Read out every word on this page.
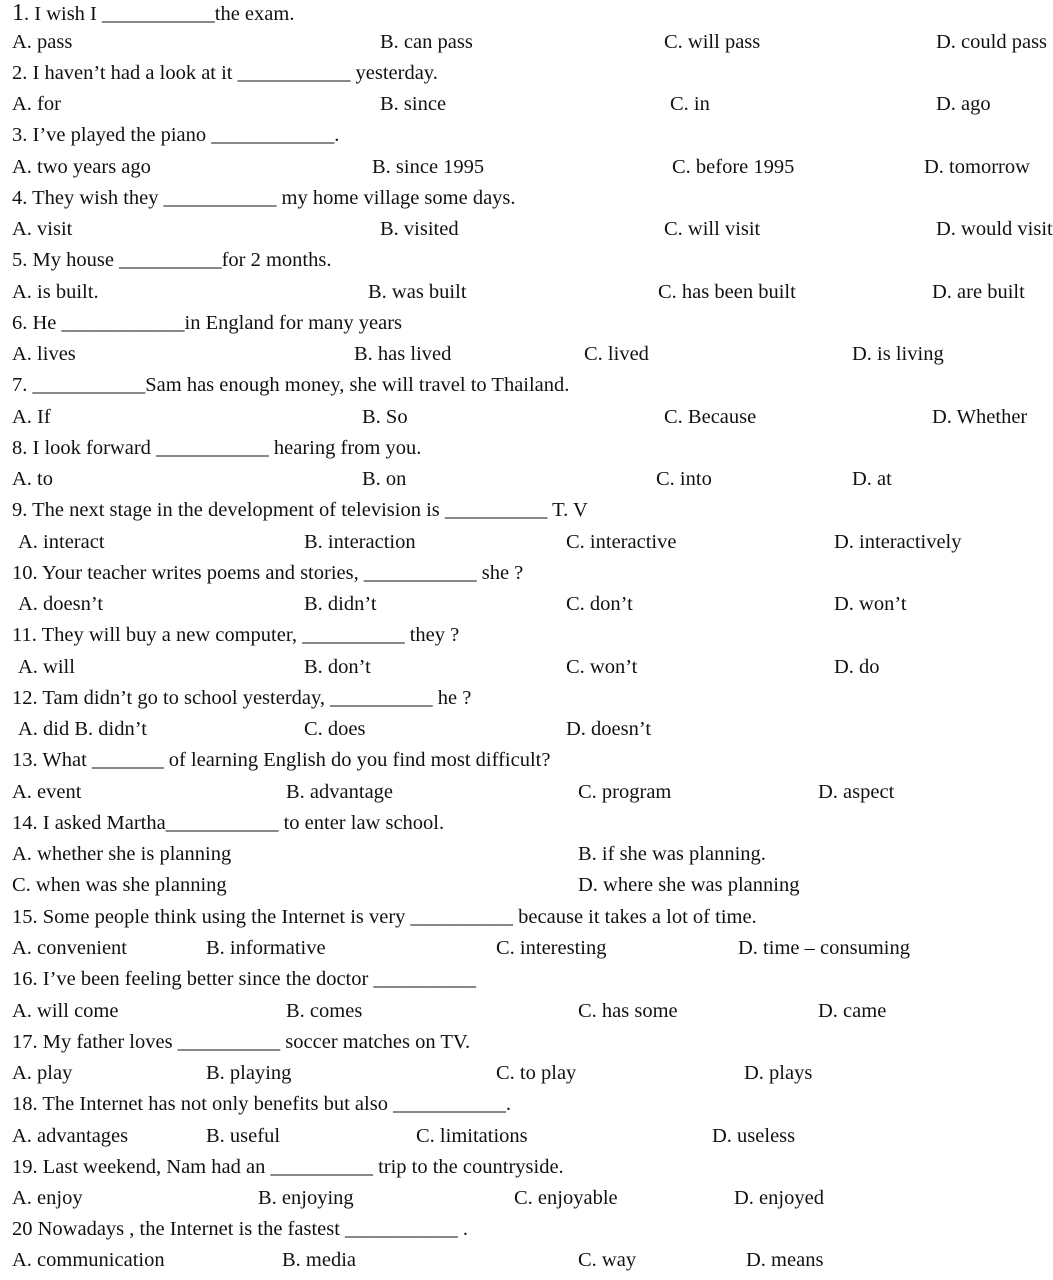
1. I wish I ___________the exam.
A. pass	B. can pass	C. will pass	D. could pass
2. I haven’t had a look at it ___________ yesterday.
A. for	B. since	C. in	D. ago
3. I’ve played the piano ____________.
A. two years ago	B. since 1995	C. before 1995	D. tomorrow
4. They wish they ___________ my home village some days.
A. visit	B. visited	C. will visit	D. would visit
5. My house __________for 2 months.
A. is built.	B. was built	C. has been built	D. are built
6. He ____________in England for many years
A. lives	B. has lived	C. lived	D. is living
7. ___________Sam has enough money, she will travel to Thailand.
A. If	B. So	C. Because	D. Whether
8. I look forward ___________ hearing from you.
A. to	B. on	C. into	D. at
9. The next stage in the development of television is __________ T. V
A. interact	B. interaction	C. interactive	D. interactively
10. Your teacher writes poems and stories, ___________ she ?
A. doesn’t	B. didn’t	C. don’t	D. won’t
11. They will buy a new computer, __________ they ?
A. will	B. don’t	C. won’t	D. do
12. Tam didn’t go to school yesterday, __________ he ?
A. did B. didn’t	C. does	D. doesn’t
13. What _______ of learning English do you find most difficult?
A. event	B. advantage	C. program	D. aspect
14. I asked Martha___________ to enter law school.
A. whether she is planning	B. if she was planning.
C. when was she planning	D. where she was planning
15. Some people think using the Internet is very __________ because it takes a lot of time.
A. convenient	B. informative	C. interesting	D. time – consuming
16. I’ve been feeling better since the doctor __________
A. will come	B. comes	C. has some	D. came
17. My father loves __________ soccer matches on TV.
A. play	B. playing	C. to play	D. plays
18. The Internet has not only benefits but also ___________.
A. advantages	B. useful	C. limitations	D. useless
19. Last weekend, Nam had an __________ trip to the countryside.
A. enjoy	B. enjoying	C. enjoyable	D. enjoyed
20 Nowadays , the Internet is the fastest ___________ .
A. communication	B. media	C. way	D. means
